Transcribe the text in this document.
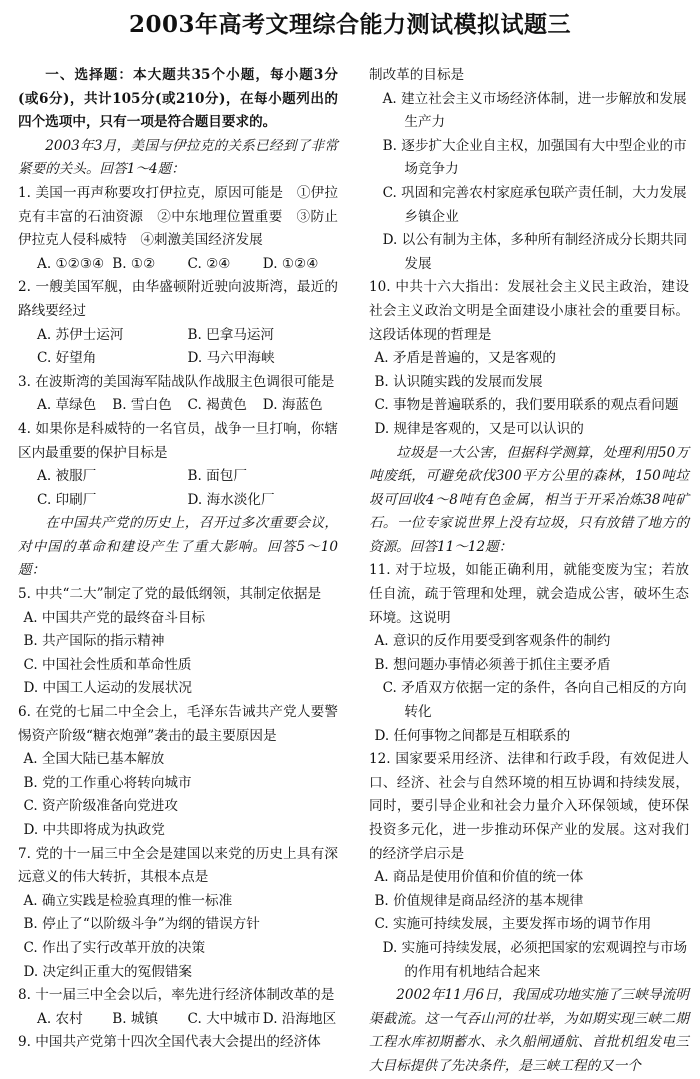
2003年高考文理综合能力测试模拟试题三
一、选择题：本大题共35个小题，每小题3分(或6分)，共计105分(或210分)，在每小题列出的四个选项中，只有一项是符合题目要求的。
2003年3月，美国与伊拉克的关系已经到了非常紧要的关头。回答1～4题：
1. 美国一再声称要攻打伊拉克，原因可能是　①伊拉克有丰富的石油资源　②中东地理位置重要　③防止伊拉克人侵科威特　④刺激美国经济发展
A. ①②③④ B. ①②	C. ②④	D. ①②④
2. 一艘美国军舰，由华盛顿附近驶向波斯湾，最近的路线要经过
A. 苏伊士运河	B. 巴拿马运河
C. 好望角	D. 马六甲海峡
3. 在波斯湾的美国海军陆战队作战服主色调很可能是
A. 草绿色	B. 雪白色	C. 褐黄色	D. 海蓝色
4. 如果你是科威特的一名官员，战争一旦打响，你辖区内最重要的保护目标是
A. 被服厂	B. 面包厂
C. 印刷厂	D. 海水淡化厂
在中国共产党的历史上，召开过多次重要会议，对中国的革命和建设产生了重大影响。回答5～10题：
5. 中共“二大”制定了党的最低纲领，其制定依据是
A. 中国共产党的最终奋斗目标
B. 共产国际的指示精神
C. 中国社会性质和革命性质
D. 中国工人运动的发展状况
6. 在党的七届二中全会上，毛泽东告诫共产党人要警惕资产阶级“糖衣炮弹”袭击的最主要原因是
A. 全国大陆已基本解放
B. 党的工作重心将转向城市
C. 资产阶级准备向党进攻
D. 中共即将成为执政党
7. 党的十一届三中全会是建国以来党的历史上具有深远意义的伟大转折，其根本点是
A. 确立实践是检验真理的惟一标准
B. 停止了“以阶级斗争”为纲的错误方针
C. 作出了实行改革开放的决策
D. 决定纠正重大的冤假错案
8. 十一届三中全会以后，率先进行经济体制改革的是
A. 农村	B. 城镇	C. 大中城市 D. 沿海地区
9. 中国共产党第十四次全国代表大会提出的经济体
制改革的目标是
A. 建立社会主义市场经济体制，进一步解放和发展生产力
B. 逐步扩大企业自主权，加强国有大中型企业的市场竞争力
C. 巩固和完善农村家庭承包联产责任制，大力发展乡镇企业
D. 以公有制为主体，多种所有制经济成分长期共同发展
10. 中共十六大指出：发展社会主义民主政治，建设社会主义政治文明是全面建设小康社会的重要目标。这段话体现的哲理是
A. 矛盾是普遍的，又是客观的
B. 认识随实践的发展而发展
C. 事物是普遍联系的，我们要用联系的观点看问题
D. 规律是客观的，又是可以认识的
垃圾是一大公害，但据科学测算，处理利用50万吨废纸，可避免砍伐300平方公里的森林，150吨垃圾可回收4～8吨有色金属，相当于开采冶炼38吨矿石。一位专家说世界上没有垃圾，只有放错了地方的资源。回答11～12题：
11. 对于垃圾，如能正确利用，就能变废为宝；若放任自流，疏于管理和处理，就会造成公害，破坏生态环境。这说明
A. 意识的反作用要受到客观条件的制约
B. 想问题办事情必须善于抓住主要矛盾
C. 矛盾双方依据一定的条件，各向自己相反的方向转化
D. 任何事物之间都是互相联系的
12. 国家要采用经济、法律和行政手段，有效促进人口、经济、社会与自然环境的相互协调和持续发展，同时，要引导企业和社会力量介入环保领域，使环保投资多元化，进一步推动环保产业的发展。这对我们的经济学启示是
A. 商品是使用价值和价值的统一体
B. 价值规律是商品经济的基本规律
C. 实施可持续发展，主要发挥市场的调节作用
D. 实施可持续发展，必须把国家的宏观调控与市场的作用有机地结合起来
2002年11月6日，我国成功地实施了三峡导流明渠截流。这一气吞山河的壮举，为如期实现三峡二期工程水库初期蓄水、永久船闸通航、首批机组发电三大目标提供了先决条件，是三峡工程的又一个
